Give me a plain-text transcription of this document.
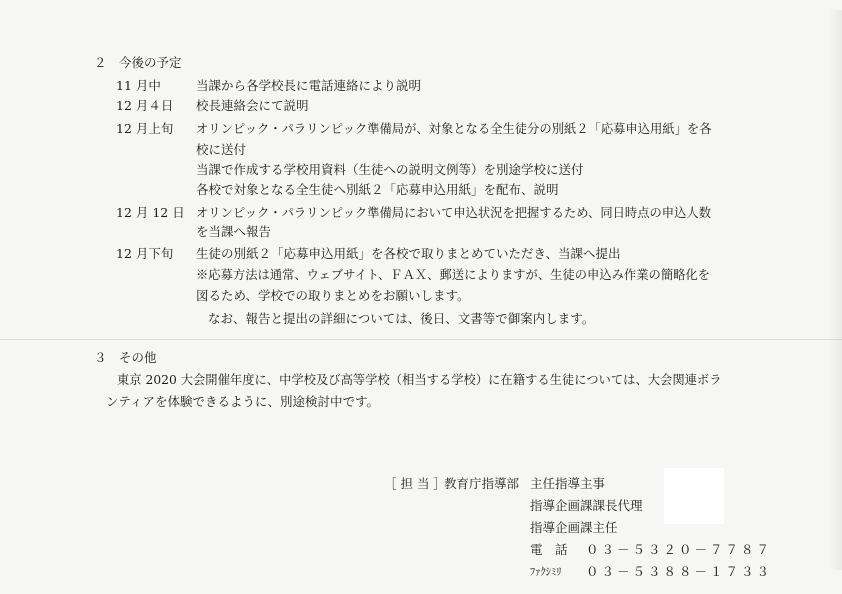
２　今後の予定
11 月中	当課から各学校長に電話連絡により説明
12 月４日 校長連絡会にて説明
12 月上旬 オリンピック・パラリンピック準備局が、対象となる全生徒分の別紙２「応募申込用紙」を各
校に送付
当課で作成する学校用資料（生徒への説明文例等）を別途学校に送付
各校で対象となる全生徒へ別紙２「応募申込用紙」を配布、説明
12 月 12 日 オリンピック・パラリンピック準備局において申込状況を把握するため、同日時点の申込人数
を当課へ報告
12 月下旬 生徒の別紙２「応募申込用紙」を各校で取りまとめていただき、当課へ提出
※応募方法は通常、ウェブサイト、ＦＡＸ、郵送によりますが、生徒の申込み作業の簡略化を
図るため、学校での取りまとめをお願いします。
なお、報告と提出の詳細については、後日、文書等で御案内します。
３　その他
東京 2020 大会開催年度に、中学校及び高等学校（相当する学校）に在籍する生徒については、大会関連ボラ
ンティアを体験できるように、別途検討中です。
［ 担 当 ］
教育庁指導部 主任指導主事
指導企画課課長代理
指導企画課主任
電　話 ０３－５３２０－７７８７
ﾌｧｸｼﾐﾘ ０３－５３８８－１７３３
